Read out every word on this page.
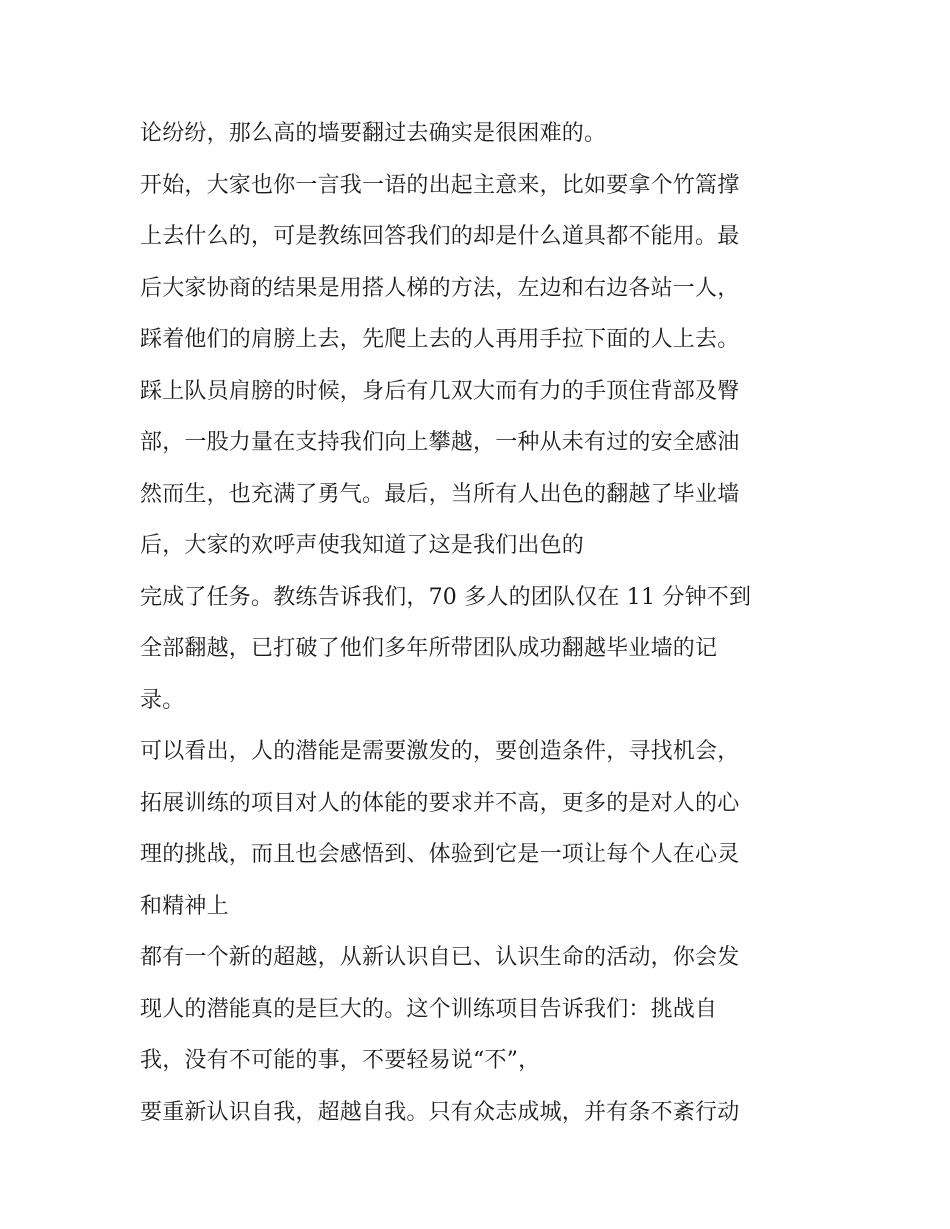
论纷纷，那么高的墙要翻过去确实是很困难的。
开始，大家也你一言我一语的出起主意来，比如要拿个竹篙撑
上去什么的，可是教练回答我们的却是什么道具都不能用。最
后大家协商的结果是用搭人梯的方法，左边和右边各站一人，
踩着他们的肩膀上去，先爬上去的人再用手拉下面的人上去。
踩上队员肩膀的时候，身后有几双大而有力的手顶住背部及臀
部，一股力量在支持我们向上攀越，一种从未有过的安全感油
然而生，也充满了勇气。最后，当所有人出色的翻越了毕业墙
后，大家的欢呼声使我知道了这是我们出色的
完成了任务。教练告诉我们，70 多人的团队仅在 11 分钟不到
全部翻越，已打破了他们多年所带团队成功翻越毕业墙的记
录。
可以看出，人的潜能是需要激发的，要创造条件，寻找机会，
拓展训练的项目对人的体能的要求并不高，更多的是对人的心
理的挑战，而且也会感悟到、体验到它是一项让每个人在心灵
和精神上
都有一个新的超越，从新认识自已、认识生命的活动，你会发
现人的潜能真的是巨大的。这个训练项目告诉我们：挑战自
我，没有不可能的事，不要轻易说“不”，
要重新认识自我，超越自我。只有众志成城，并有条不紊行动
